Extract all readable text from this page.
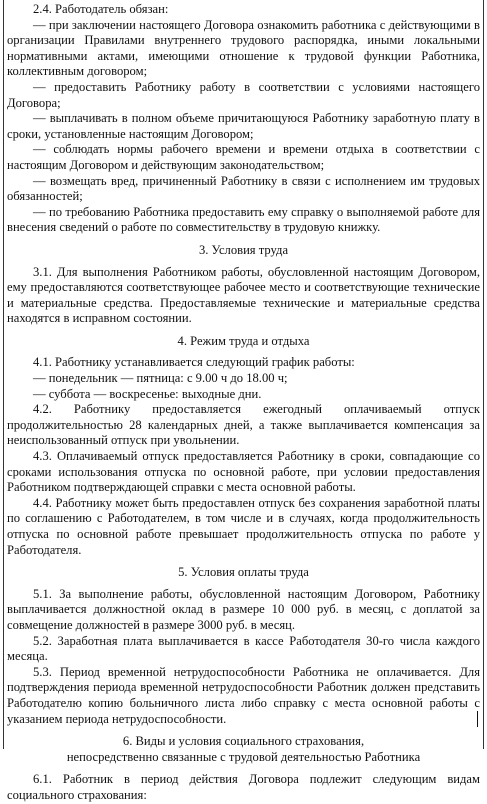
2.4. Работодатель обязан:

— при заключении настоящего Договора ознакомить работника с действующими в организации Правилами внутреннего трудового распорядка, иными локальными нормативными актами, имеющими отношение к трудовой функции Работника, коллективным договором;

— предоставить Работнику работу в соответствии с условиями настоящего Договора;

— выплачивать в полном объеме причитающуюся Работнику заработную плату в сроки, установленные настоящим Договором;

— соблюдать нормы рабочего времени и времени отдыха в соответствии с настоящим Договором и действующим законодательством;

— возмещать вред, причиненный Работнику в связи с исполнением им трудовых обязанностей;

— по требованию Работника предоставить ему справку о выполняемой работе для внесения сведений о работе по совместительству в трудовую книжку.

3. Условия труда

3.1. Для выполнения Работником работы, обусловленной настоящим Договором, ему предоставляются соответствующее рабочее место и соответствующие технические и материальные средства. Предоставляемые технические и материальные средства находятся в исправном состоянии.

4. Режим труда и отдыха

4.1. Работнику устанавливается следующий график работы:

— понедельник — пятница: с 9.00 ч до 18.00 ч;

— суббота — воскресенье: выходные дни.

4.2. Работнику предоставляется ежегодный оплачиваемый отпуск продолжительностью 28 календарных дней, а также выплачивается компенсация за неиспользованный отпуск при увольнении.

4.3. Оплачиваемый отпуск предоставляется Работнику в сроки, совпадающие со сроками использования отпуска по основной работе, при условии предоставления Работником подтверждающей справки с места основной работы.

4.4. Работнику может быть предоставлен отпуск без сохранения заработной платы по соглашению с Работодателем, в том числе и в случаях, когда продолжительность отпуска по основной работе превышает продолжительность отпуска по работе у Работодателя.

5. Условия оплаты труда

5.1. За выполнение работы, обусловленной настоящим Договором, Работнику выплачивается должностной оклад в размере 10 000 руб. в месяц, с доплатой за совмещение должностей в размере 3000 руб. в месяц.

5.2. Заработная плата выплачивается в кассе Работодателя 30-го числа каждого месяца.

5.3. Период временной нетрудоспособности Работника не оплачивается. Для подтверждения периода временной нетрудоспособности Работник должен представить Работодателю копию больничного листа либо справку с места основной работы с указанием периода нетрудоспособности.

6. Виды и условия социального страхования,
непосредственно связанные с трудовой деятельностью Работника

6.1. Работник в период действия Договора подлежит следующим видам социального страхования:
